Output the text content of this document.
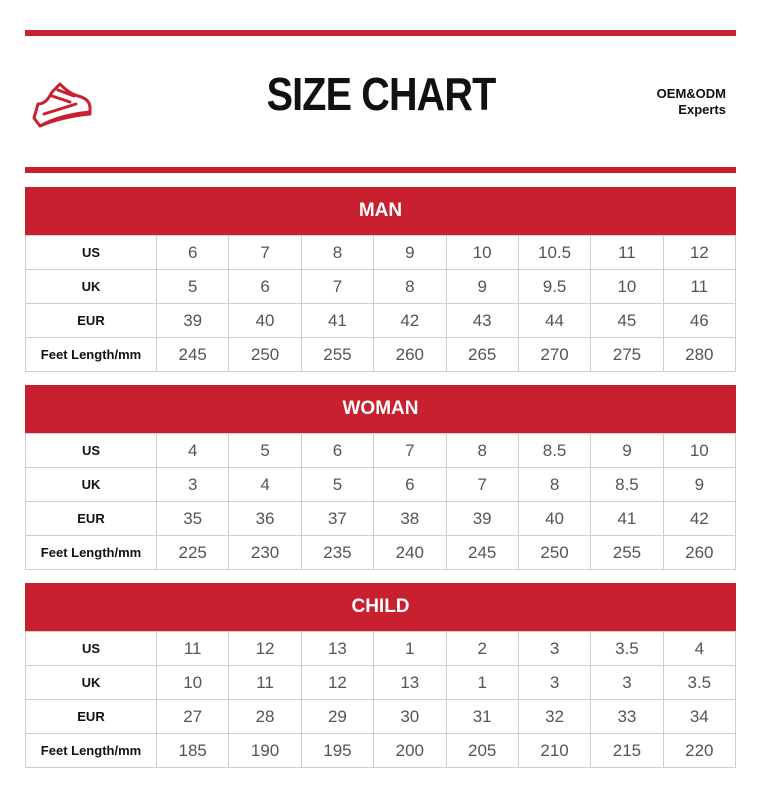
SIZE CHART	OEM&ODM
Experts
MAN
US	6	7	8	9	10	10.5	11	12
UK	5	6	7	8	9	9.5	10	11
EUR	39	40	41	42	43	44	45	46
Feet Length/mm	245	250	255	260	265	270	275	280
WOMAN
US	4	5	6	7	8	8.5	9	10
UK	3	4	5	6	7	8	8.5	9
EUR	35	36	37	38	39	40	41	42
Feet Length/mm	225	230	235	240	245	250	255	260
CHILD
US	11	12	13	1	2	3	3.5	4
UK	10	11	12	13	1	3	3	3.5
EUR	27	28	29	30	31	32	33	34
Feet Length/mm	185	190	195	200	205	210	215	220
